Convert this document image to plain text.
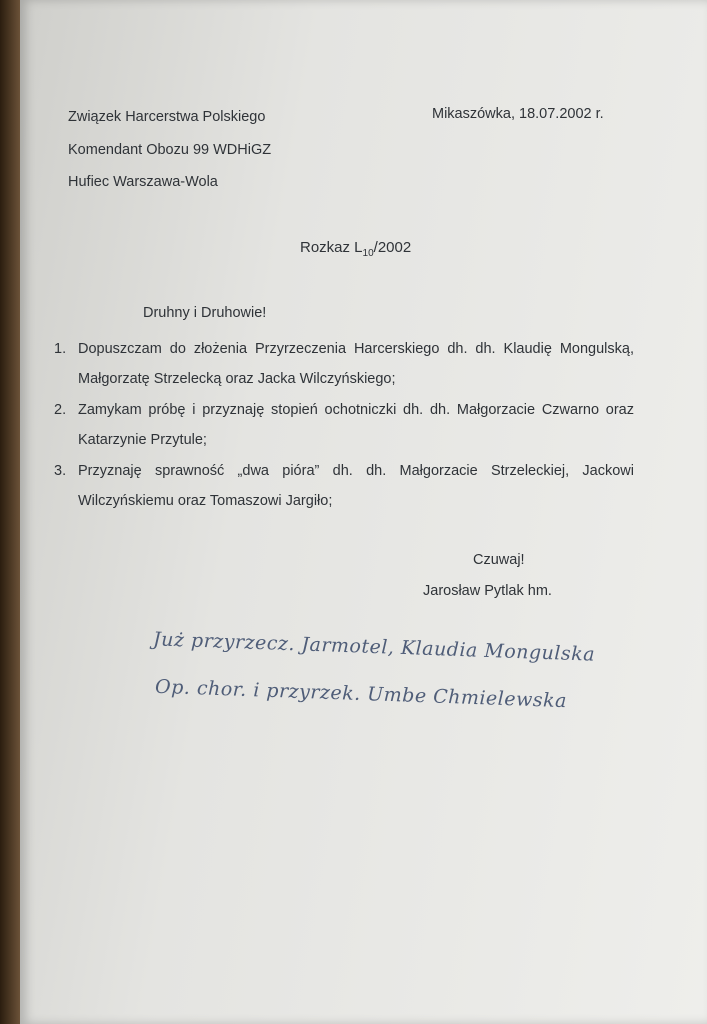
Związek Harcerstwa Polskiego
Komendant Obozu 99 WDHiGZ
Hufiec Warszawa-Wola
Mikaszówka, 18.07.2002 r.
Rozkaz $L_{10}/2002$
Druhny i Druhowie!
1. Dopuszczam do złożenia Przyrzeczenia Harcerskiego dh. dh. Klaudię Mongulską, Małgorzatę Strzelecką oraz Jacka Wilczyńskiego;
2. Zamykam próbę i przyznaję stopień ochotniczki dh. dh. Małgorzacie Czwarno oraz Katarzynie Przytule;
3. Przyznaję sprawność „dwa pióra” dh. dh. Małgorzacie Strzeleckiej, Jackowi Wilczyńskiemu oraz Tomaszowi Jargiło;
Czuwaj!
Jarosław Pytlak hm.
Już przyrzecz. Jarmotel, Klaudia Mongulska
Op. chor. i przyrzek. Umbe Chmielewska
